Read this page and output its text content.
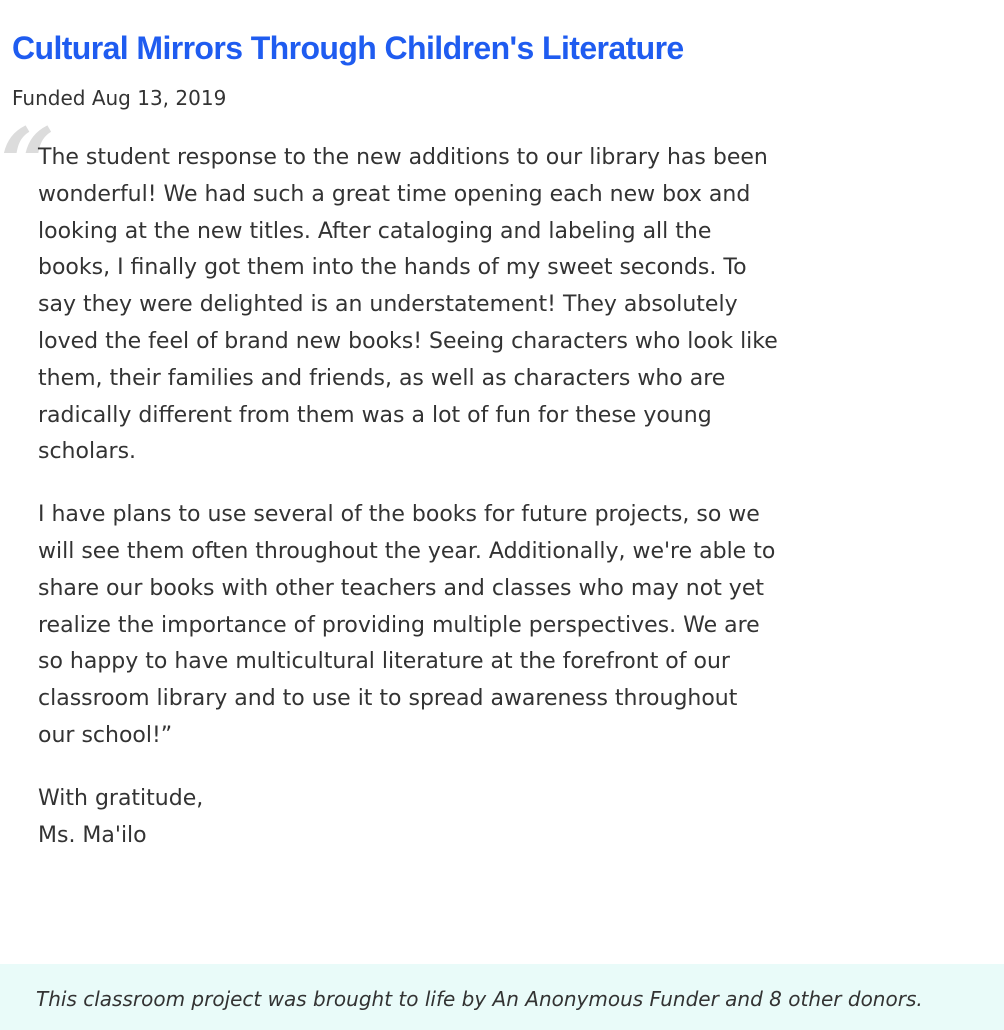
Cultural Mirrors Through Children's Literature
Funded Aug 13, 2019
“

The student response to the new additions to our library has been wonderful! We had such a great time opening each new box and looking at the new titles. After cataloging and labeling all the books, I finally got them into the hands of my sweet seconds. To say they were delighted is an understatement! They absolutely loved the feel of brand new books! Seeing characters who look like them, their families and friends, as well as characters who are radically different from them was a lot of fun for these young scholars.

I have plans to use several of the books for future projects, so we will see them often throughout the year. Additionally, we're able to share our books with other teachers and classes who may not yet realize the importance of providing multiple perspectives. We are so happy to have multicultural literature at the forefront of our classroom library and to use it to spread awareness throughout our school!”

With gratitude,
Ms. Ma'ilo

This classroom project was brought to life by An Anonymous Funder and 8 other donors.
